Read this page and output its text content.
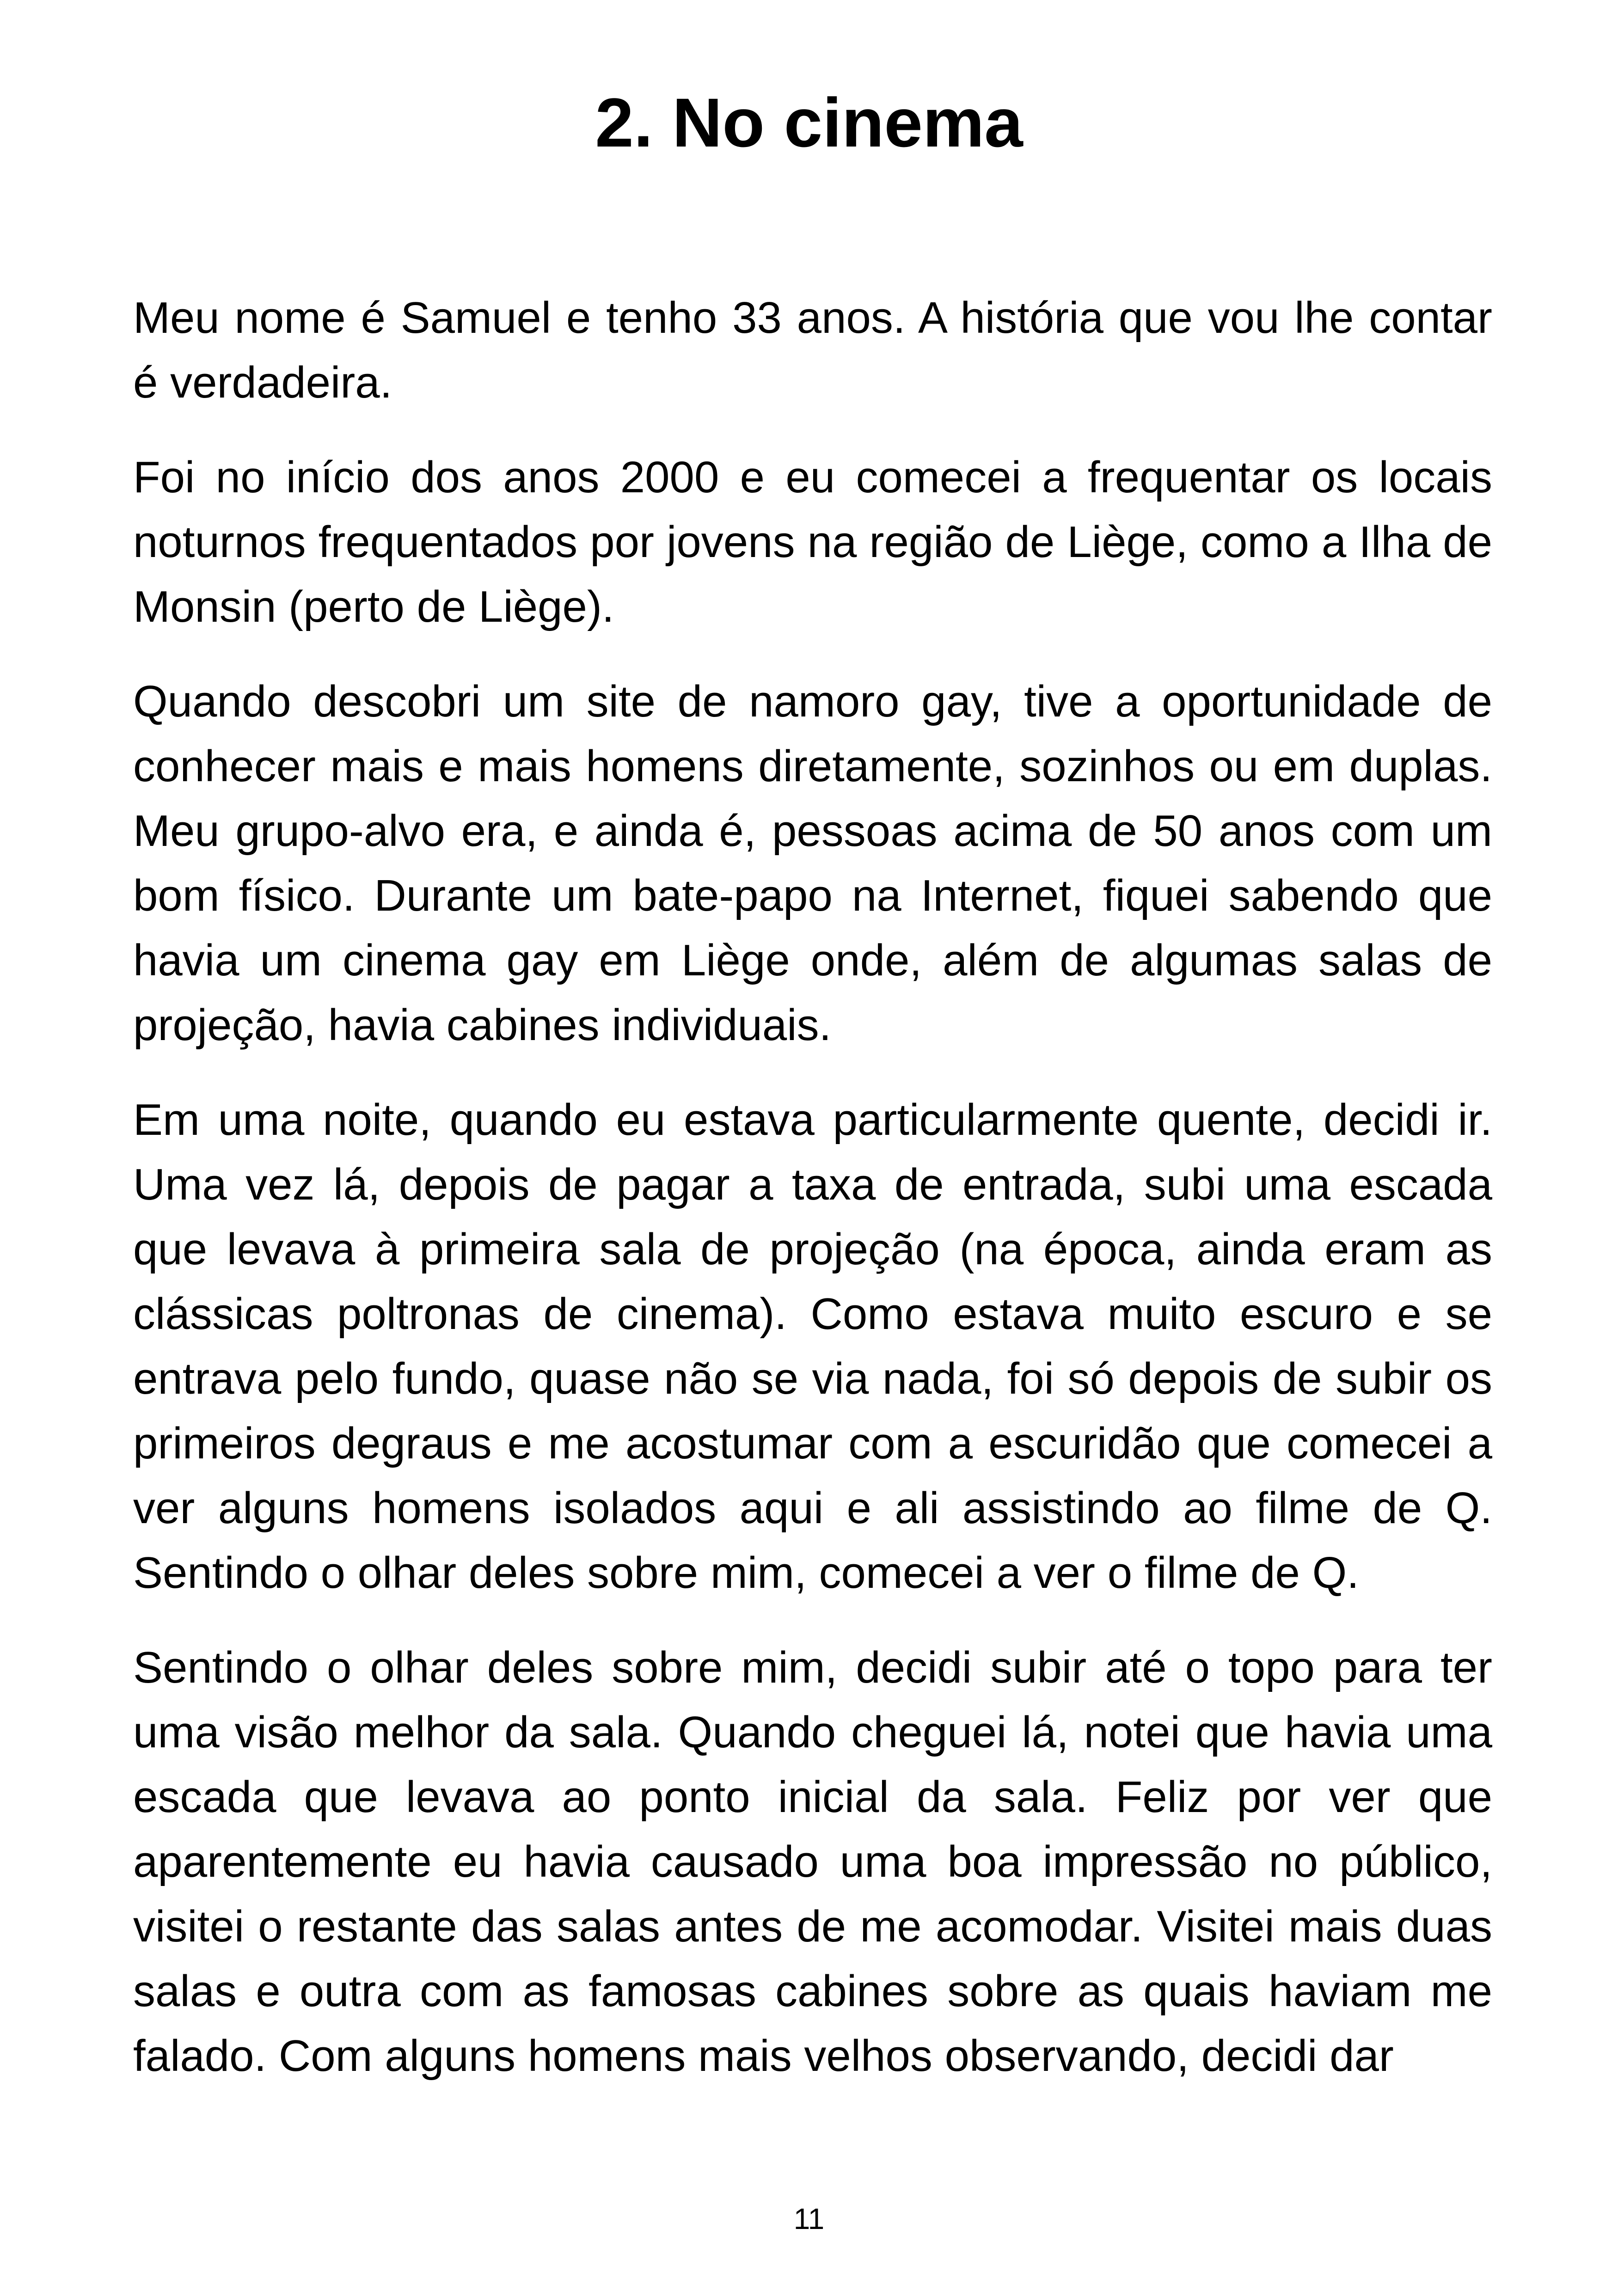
2. No cinema

Meu nome é Samuel e tenho 33 anos. A história que vou lhe contar é verdadeira.

Foi no início dos anos 2000 e eu comecei a frequentar os locais noturnos frequentados por jovens na região de Liège, como a Ilha de Monsin (perto de Liège).

Quando descobri um site de namoro gay, tive a oportunidade de conhecer mais e mais homens diretamente, sozinhos ou em duplas. Meu grupo-alvo era, e ainda é, pessoas acima de 50 anos com um bom físico. Durante um bate-papo na Internet, fiquei sabendo que havia um cinema gay em Liège onde, além de algumas salas de projeção, havia cabines individuais.

Em uma noite, quando eu estava particularmente quente, decidi ir. Uma vez lá, depois de pagar a taxa de entrada, subi uma escada que levava à primeira sala de projeção (na época, ainda eram as clássicas poltronas de cinema). Como estava muito escuro e se entrava pelo fundo, quase não se via nada, foi só depois de subir os primeiros degraus e me acostumar com a escuridão que comecei a ver alguns homens isolados aqui e ali assistindo ao filme de Q. Sentindo o olhar deles sobre mim, comecei a ver o filme de Q.

Sentindo o olhar deles sobre mim, decidi subir até o topo para ter uma visão melhor da sala. Quando cheguei lá, notei que havia uma escada que levava ao ponto inicial da sala. Feliz por ver que aparentemente eu havia causado uma boa impressão no público, visitei o restante das salas antes de me acomodar. Visitei mais duas salas e outra com as famosas cabines sobre as quais haviam me falado. Com alguns homens mais velhos observando, decidi dar

11
